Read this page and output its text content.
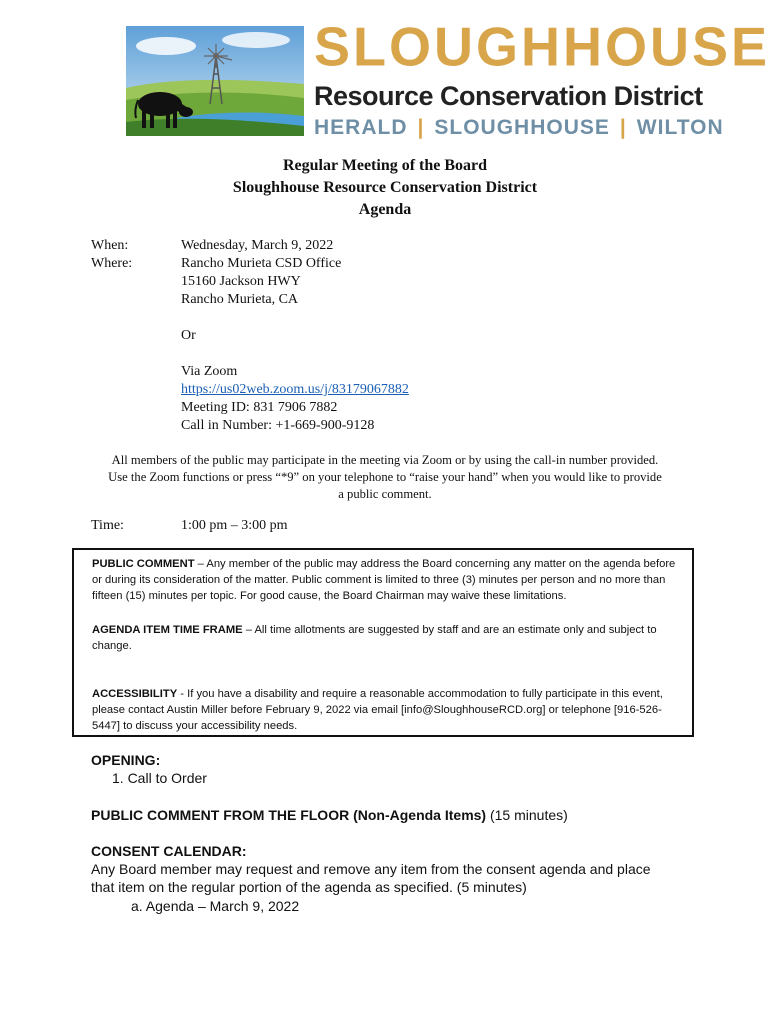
SLOUGHHOUSE
Resource Conservation District
HERALD | SLOUGHHOUSE | WILTON
Regular Meeting of the Board
Sloughhouse Resource Conservation District
Agenda
When:	Wednesday, March 9, 2022
Where:	Rancho Murieta CSD Office
15160 Jackson HWY
Rancho Murieta, CA
Or
Via Zoom
https://us02web.zoom.us/j/83179067882
Meeting ID: 831 7906 7882
Call in Number: +1-669-900-9128
All members of the public may participate in the meeting via Zoom or by using the call-in number provided.
Use the Zoom functions or press “*9” on your telephone to “raise your hand” when you would like to provide
a public comment.
Time:	1:00 pm – 3:00 pm
PUBLIC COMMENT – Any member of the public may address the Board concerning any matter on the agenda before or during its consideration of the matter. Public comment is limited to three (3) minutes per person and no more than fifteen (15) minutes per topic. For good cause, the Board Chairman may waive these limitations.
AGENDA ITEM TIME FRAME – All time allotments are suggested by staff and are an estimate only and subject to change.
ACCESSIBILITY - If you have a disability and require a reasonable accommodation to fully participate in this event, please contact Austin Miller before February 9, 2022 via email [info@SloughhouseRCD.org] or telephone [916-526-5447] to discuss your accessibility needs.
OPENING:
1. Call to Order
PUBLIC COMMENT FROM THE FLOOR (Non-Agenda Items) (15 minutes)
CONSENT CALENDAR:
Any Board member may request and remove any item from the consent agenda and place
that item on the regular portion of the agenda as specified. (5 minutes)
a. Agenda – March 9, 2022
